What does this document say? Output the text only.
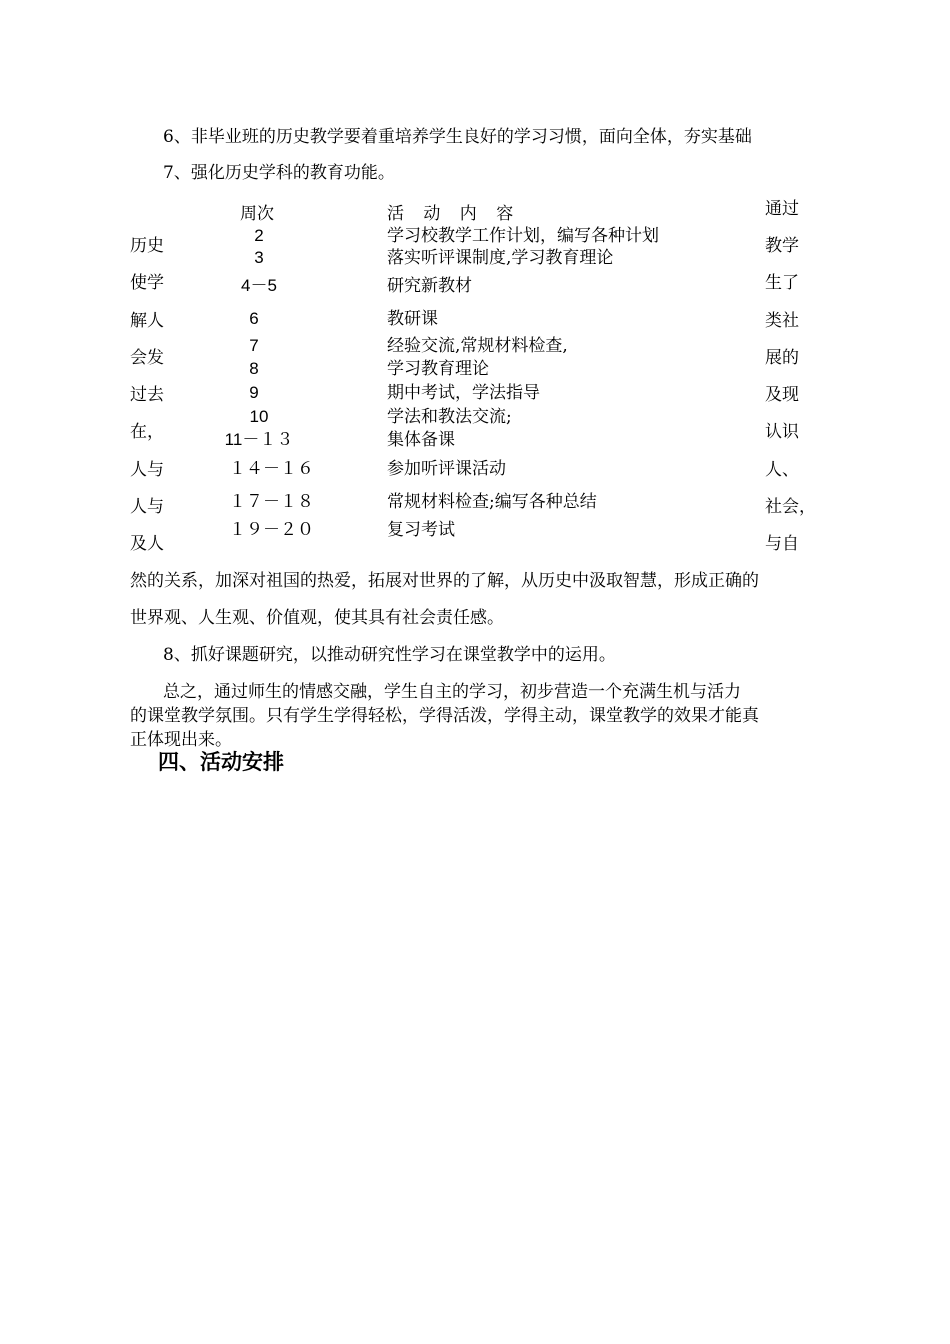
6、非毕业班的历史教学要着重培养学生良好的学习习惯，面向全体，夯实基础
7、强化历史学科的教育功能。
周次	活 动 内 容
2	学习校教学工作计划，编写各种计划
3	落实听评课制度,学习教育理论
4－5	研究新教材
6	教研课
7	经验交流,常规材料检查,
8	学习教育理论
9	期中考试，学法指导
10	学法和教法交流;
11－１３	集体备课
１４－１６	参加听评课活动
１７－１８	常规材料检查;编写各种总结
１９－２０	复习考试
历史
使学
解人
会发
过去
在，
人与
人与
及人
通过
教学
生了
类社
展的
及现
认识
人、
社会，
与自
然的关系，加深对祖国的热爱，拓展对世界的了解，从历史中汲取智慧，形成正确的
世界观、人生观、价值观，使其具有社会责任感。
8、抓好课题研究，以推动研究性学习在课堂教学中的运用。
总之，通过师生的情感交融，学生自主的学习，初步营造一个充满生机与活力
的课堂教学氛围。只有学生学得轻松，学得活泼，学得主动，课堂教学的效果才能真
正体现出来。
四、活动安排
